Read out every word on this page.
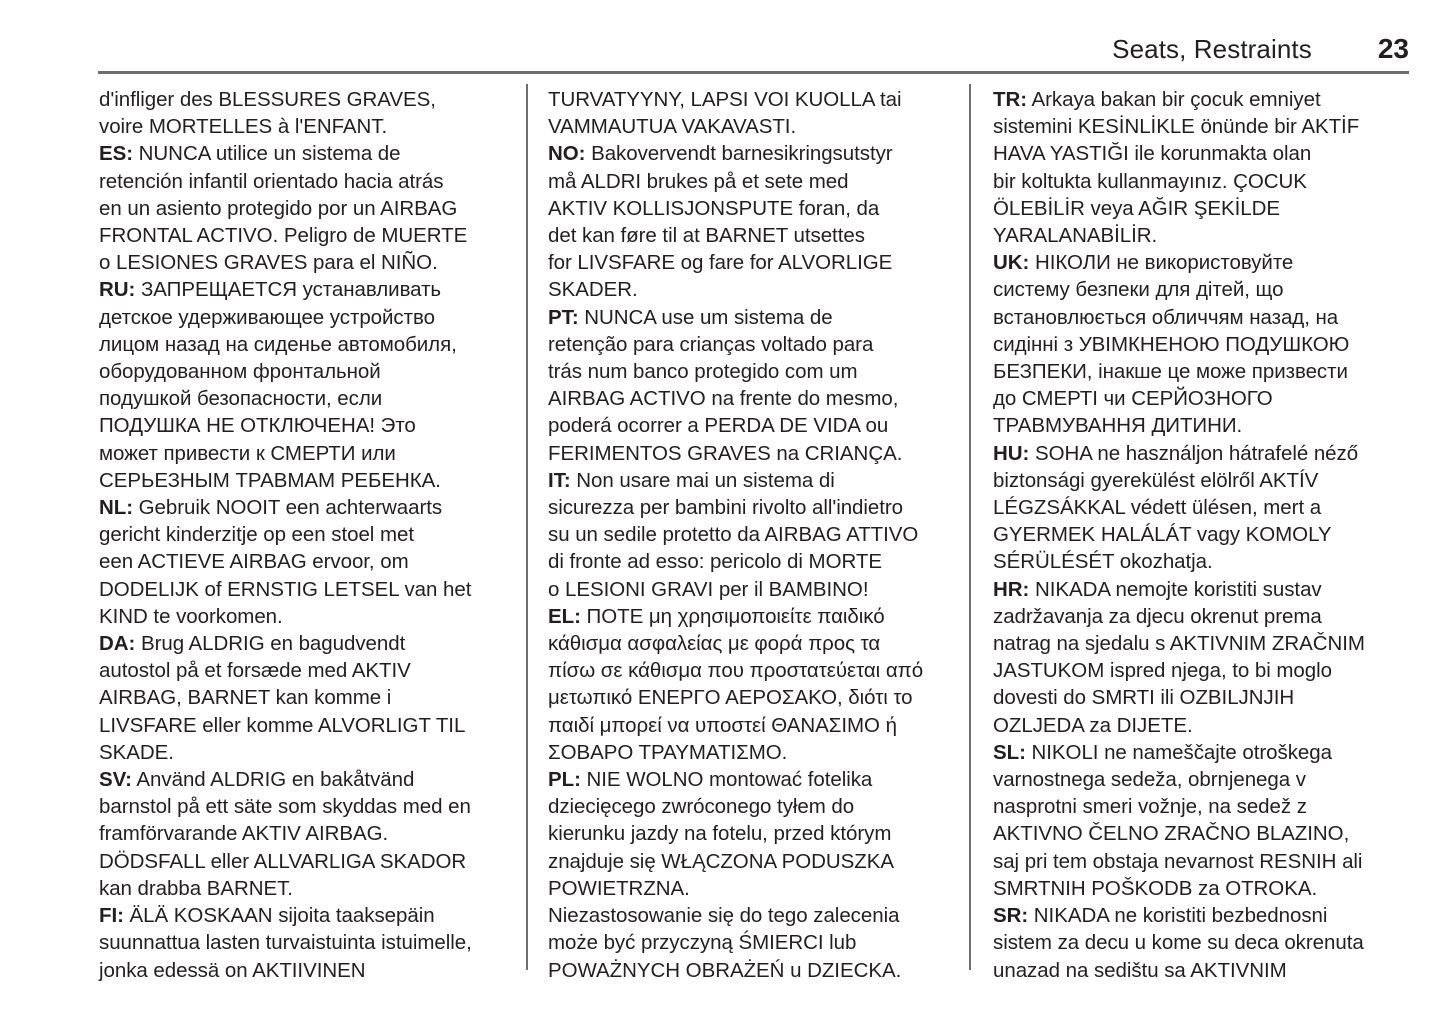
Seats, Restraints 23

d'infliger des BLESSURES GRAVES,
voire MORTELLES à l'ENFANT.
ES: NUNCA utilice un sistema de
retención infantil orientado hacia atrás
en un asiento protegido por un AIRBAG
FRONTAL ACTIVO. Peligro de MUERTE
o LESIONES GRAVES para el NIÑO.
RU: ЗАПРЕЩАЕТСЯ устанавливать
детское удерживающее устройство
лицом назад на сиденье автомобиля,
оборудованном фронтальной
подушкой безопасности, если
ПОДУШКА НЕ ОТКЛЮЧЕНА! Это
может привести к СМЕРТИ или
СЕРЬЕЗНЫМ ТРАВМАМ РЕБЕНКА.
NL: Gebruik NOOIT een achterwaarts
gericht kinderzitje op een stoel met
een ACTIEVE AIRBAG ervoor, om
DODELIJK of ERNSTIG LETSEL van het
KIND te voorkomen.
DA: Brug ALDRIG en bagudvendt
autostol på et forsæde med AKTIV
AIRBAG, BARNET kan komme i
LIVSFARE eller komme ALVORLIGT TIL
SKADE.
SV: Använd ALDRIG en bakåtvänd
barnstol på ett säte som skyddas med en
framförvarande AKTIV AIRBAG.
DÖDSFALL eller ALLVARLIGA SKADOR
kan drabba BARNET.
FI: ÄLÄ KOSKAAN sijoita taaksepäin
suunnattua lasten turvaistuinta istuimelle,
jonka edessä on AKTIIVINEN

TURVATYYNY, LAPSI VOI KUOLLA tai
VAMMAUTUA VAKAVASTI.
NO: Bakovervendt barnesikringsutstyr
må ALDRI brukes på et sete med
AKTIV KOLLISJONSPUTE foran, da
det kan føre til at BARNET utsettes
for LIVSFARE og fare for ALVORLIGE
SKADER.
PT: NUNCA use um sistema de
retenção para crianças voltado para
trás num banco protegido com um
AIRBAG ACTIVO na frente do mesmo,
poderá ocorrer a PERDA DE VIDA ou
FERIMENTOS GRAVES na CRIANÇA.
IT: Non usare mai un sistema di
sicurezza per bambini rivolto all'indietro
su un sedile protetto da AIRBAG ATTIVO
di fronte ad esso: pericolo di MORTE
o LESIONI GRAVI per il BAMBINO!
EL: ΠΟΤΕ μη χρησιμοποιείτε παιδικό
κάθισμα ασφαλείας με φορά προς τα
πίσω σε κάθισμα που προστατεύεται από
μετωπικό ΕΝΕΡΓΟ ΑΕΡΟΣΑΚΟ, διότι το
παιδί μπορεί να υποστεί ΘΑΝΑΣΙΜΟ ή
ΣΟΒΑΡΟ ΤΡΑΥΜΑΤΙΣΜΟ.
PL: NIE WOLNO montować fotelika
dziecięcego zwróconego tyłem do
kierunku jazdy na fotelu, przed którym
znajduje się WŁĄCZONA PODUSZKA
POWIETRZNA.
Niezastosowanie się do tego zalecenia
może być przyczyną ŚMIERCI lub
POWAŻNYCH OBRAŻEŃ u DZIECKA.

TR: Arkaya bakan bir çocuk emniyet
sistemini KESİNLİKLE önünde bir AKTİF
HAVA YASTIĞI ile korunmakta olan
bir koltukta kullanmayınız. ÇOCUK
ÖLEBİLİR veya AĞIR ŞEKİLDE
YARALANABİLİR.
UK: НІКОЛИ не використовуйте
систему безпеки для дітей, що
встановлюється обличчям назад, на
сидінні з УВІМКНЕНОЮ ПОДУШКОЮ
БЕЗПЕКИ, інакше це може призвести
до СМЕРТІ чи СЕРЙОЗНОГО
ТРАВМУВАННЯ ДИТИНИ.
HU: SOHA ne használjon hátrafelé néző
biztonsági gyerekülést elölről AKTÍV
LÉGZSÁKKAL védett ülésen, mert a
GYERMEK HALÁLÁT vagy KOMOLY
SÉRÜLÉSÉT okozhatja.
HR: NIKADA nemojte koristiti sustav
zadržavanja za djecu okrenut prema
natrag na sjedalu s AKTIVNIM ZRAČNIM
JASTUKOM ispred njega, to bi moglo
dovesti do SMRTI ili OZBILJNJIH
OZLJEDA za DIJETE.
SL: NIKOLI ne nameščajte otroškega
varnostnega sedeža, obrnjenega v
nasprotni smeri vožnje, na sedež z
AKTIVNO ČELNO ZRAČNO BLAZINO,
saj pri tem obstaja nevarnost RESNIH ali
SMRTNIH POŠKODB za OTROKA.
SR: NIKADA ne koristiti bezbednosni
sistem za decu u kome su deca okrenuta
unazad na sedištu sa AKTIVNIM
